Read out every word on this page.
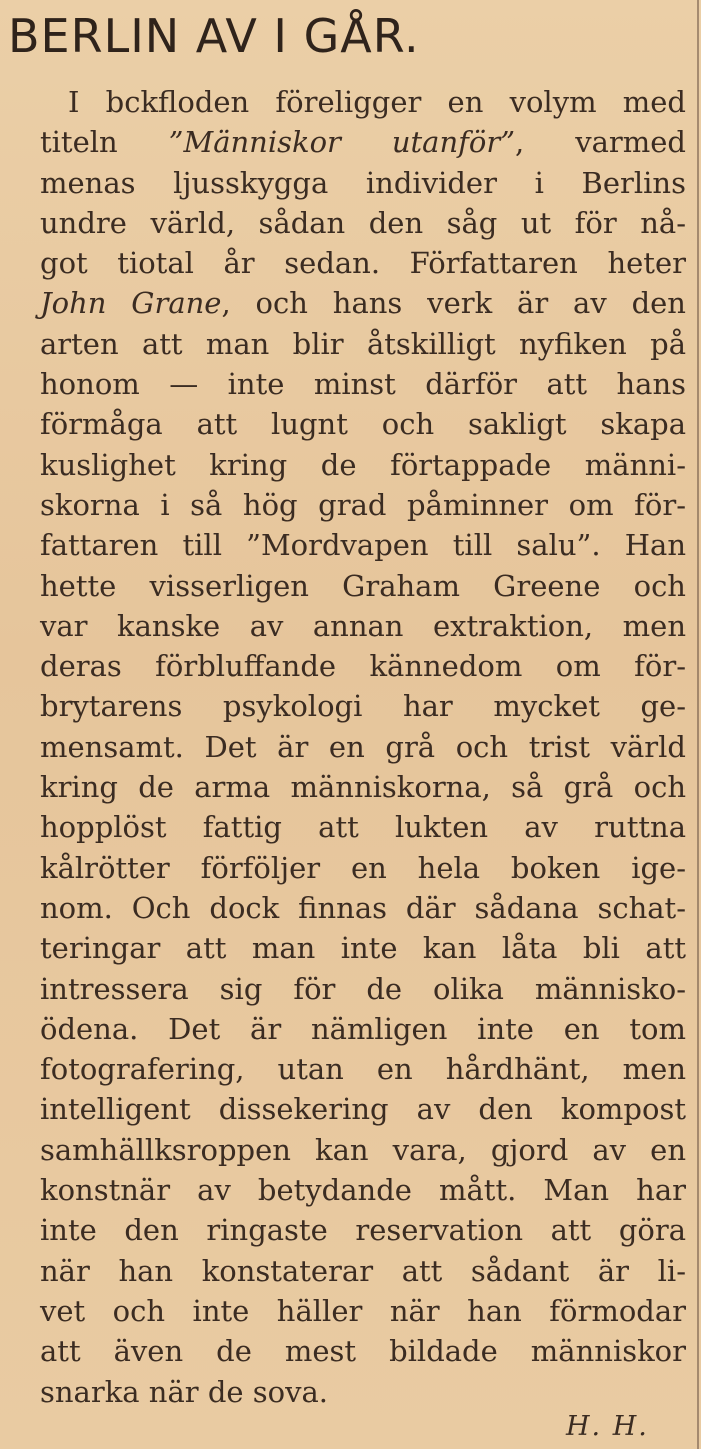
BERLIN AV I GÅR.
I bckfloden föreligger en volym med
titeln ”Människor utanför”, varmed
menas ljusskygga individer i Berlins
undre värld, sådan den såg ut för nå-
got tiotal år sedan. Författaren heter
John Grane, och hans verk är av den
arten att man blir åtskilligt nyfiken på
honom — inte minst därför att hans
förmåga att lugnt och sakligt skapa
kuslighet kring de förtappade männi-
skorna i så hög grad påminner om för-
fattaren till ”Mordvapen till salu”. Han
hette visserligen Graham Greene och
var kanske av annan extraktion, men
deras förbluffande kännedom om för-
brytarens psykologi har mycket ge-
mensamt. Det är en grå och trist värld
kring de arma människorna, så grå och
hopplöst fattig att lukten av ruttna
kålrötter förföljer en hela boken ige-
nom. Och dock finnas där sådana schat-
teringar att man inte kan låta bli att
intressera sig för de olika människo-
ödena. Det är nämligen inte en tom
fotografering, utan en hårdhänt, men
intelligent dissekering av den kompost
samhällksroppen kan vara, gjord av en
konstnär av betydande mått. Man har
inte den ringaste reservation att göra
när han konstaterar att sådant är li-
vet och inte häller när han förmodar
att även de mest bildade människor
snarka när de sova.
H. H.
